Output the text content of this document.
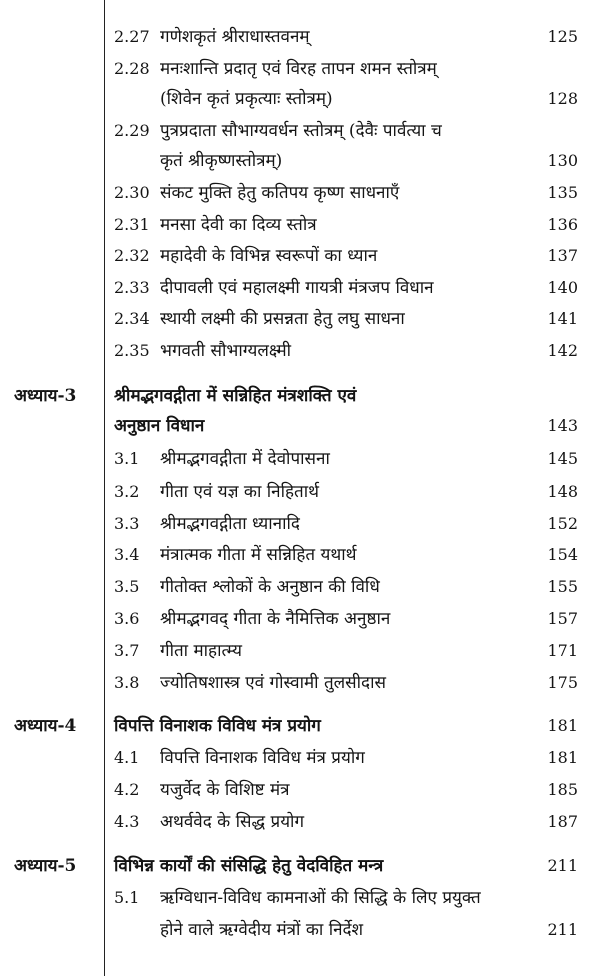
2.27 गणेशकृतं श्रीराधास्तवनम्	125
2.28 मनःशान्ति प्रदातृ एवं विरह तापन शमन स्तोत्रम्
(शिवेन कृतं प्रकृत्याः स्तोत्रम्)	128
2.29 पुत्रप्रदाता सौभाग्यवर्धन स्तोत्रम् (देवैः पार्वत्या च
कृतं श्रीकृष्णस्तोत्रम्)	130
2.30 संकट मुक्ति हेतु कतिपय कृष्ण साधनाएँ	135
2.31 मनसा देवी का दिव्य स्तोत्र	136
2.32 महादेवी के विभिन्न स्वरूपों का ध्यान	137
2.33 दीपावली एवं महालक्ष्मी गायत्री मंत्रजप विधान	140
2.34 स्थायी लक्ष्मी की प्रसन्नता हेतु लघु साधना	141
2.35 भगवती सौभाग्यलक्ष्मी	142
अध्याय-3 श्रीमद्भगवद्गीता में सन्निहित मंत्रशक्ति एवं
अनुष्ठान विधान	143
3.1 श्रीमद्भगवद्गीता में देवोपासना	145
3.2 गीता एवं यज्ञ का निहितार्थ	148
3.3 श्रीमद्भगवद्गीता ध्यानादि	152
3.4 मंत्रात्मक गीता में सन्निहित यथार्थ	154
3.5 गीतोक्त श्लोकों के अनुष्ठान की विधि	155
3.6 श्रीमद्भगवद् गीता के नैमित्तिक अनुष्ठान	157
3.7 गीता माहात्म्य	171
3.8 ज्योतिषशास्त्र एवं गोस्वामी तुलसीदास	175
अध्याय-4 विपत्ति विनाशक विविध मंत्र प्रयोग	181
4.1 विपत्ति विनाशक विविध मंत्र प्रयोग	181
4.2 यजुर्वेद के विशिष्ट मंत्र	185
4.3 अथर्ववेद के सिद्ध प्रयोग	187
अध्याय-5 विभिन्न कार्यों की संसिद्धि हेतु वेदविहित मन्त्र	211
5.1 ऋग्विधान-विविध कामनाओं की सिद्धि के लिए प्रयुक्त
होने वाले ऋग्वेदीय मंत्रों का निर्देश	211
